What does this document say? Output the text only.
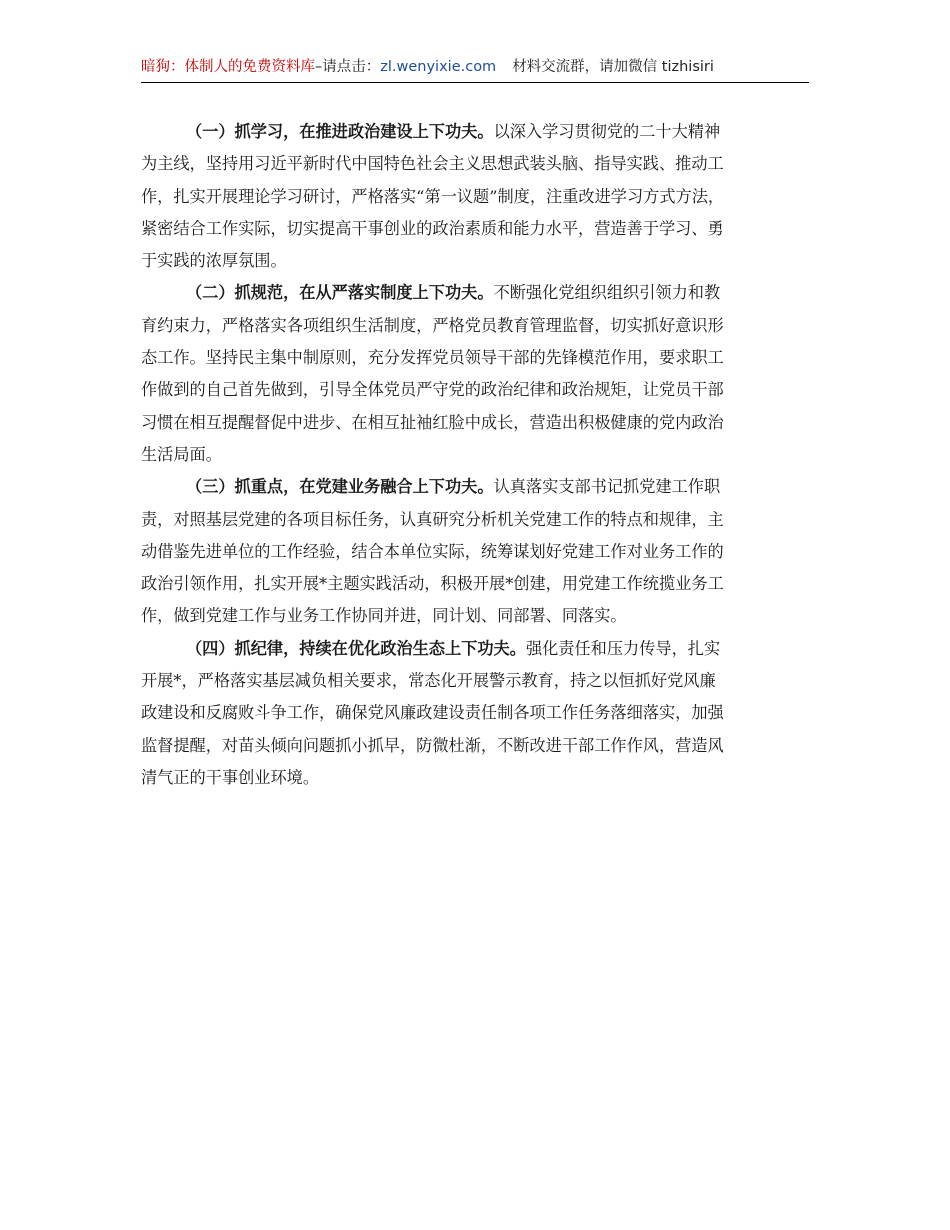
暗狗：体制人的免费资料库–请点击：zl.wenyixie.com 材料交流群，请加微信 tizhisiri
（一）抓学习，在推进政治建设上下功夫。以深入学习贯彻党的二十大精神
为主线，坚持用习近平新时代中国特色社会主义思想武装头脑、指导实践、推动工
作，扎实开展理论学习研讨，严格落实“第一议题”制度，注重改进学习方式方法，
紧密结合工作实际，切实提高干事创业的政治素质和能力水平，营造善于学习、勇
于实践的浓厚氛围。
（二）抓规范，在从严落实制度上下功夫。不断强化党组织组织引领力和教
育约束力，严格落实各项组织生活制度，严格党员教育管理监督，切实抓好意识形
态工作。坚持民主集中制原则，充分发挥党员领导干部的先锋模范作用，要求职工
作做到的自己首先做到，引导全体党员严守党的政治纪律和政治规矩，让党员干部
习惯在相互提醒督促中进步、在相互扯袖红脸中成长，营造出积极健康的党内政治
生活局面。
（三）抓重点，在党建业务融合上下功夫。认真落实支部书记抓党建工作职
责，对照基层党建的各项目标任务，认真研究分析机关党建工作的特点和规律，主
动借鉴先进单位的工作经验，结合本单位实际，统筹谋划好党建工作对业务工作的
政治引领作用，扎实开展*主题实践活动，积极开展*创建，用党建工作统揽业务工
作，做到党建工作与业务工作协同并进，同计划、同部署、同落实。
（四）抓纪律，持续在优化政治生态上下功夫。强化责任和压力传导，扎实
开展*，严格落实基层减负相关要求，常态化开展警示教育，持之以恒抓好党风廉
政建设和反腐败斗争工作，确保党风廉政建设责任制各项工作任务落细落实，加强
监督提醒，对苗头倾向问题抓小抓早，防微杜渐，不断改进干部工作作风，营造风
清气正的干事创业环境。
